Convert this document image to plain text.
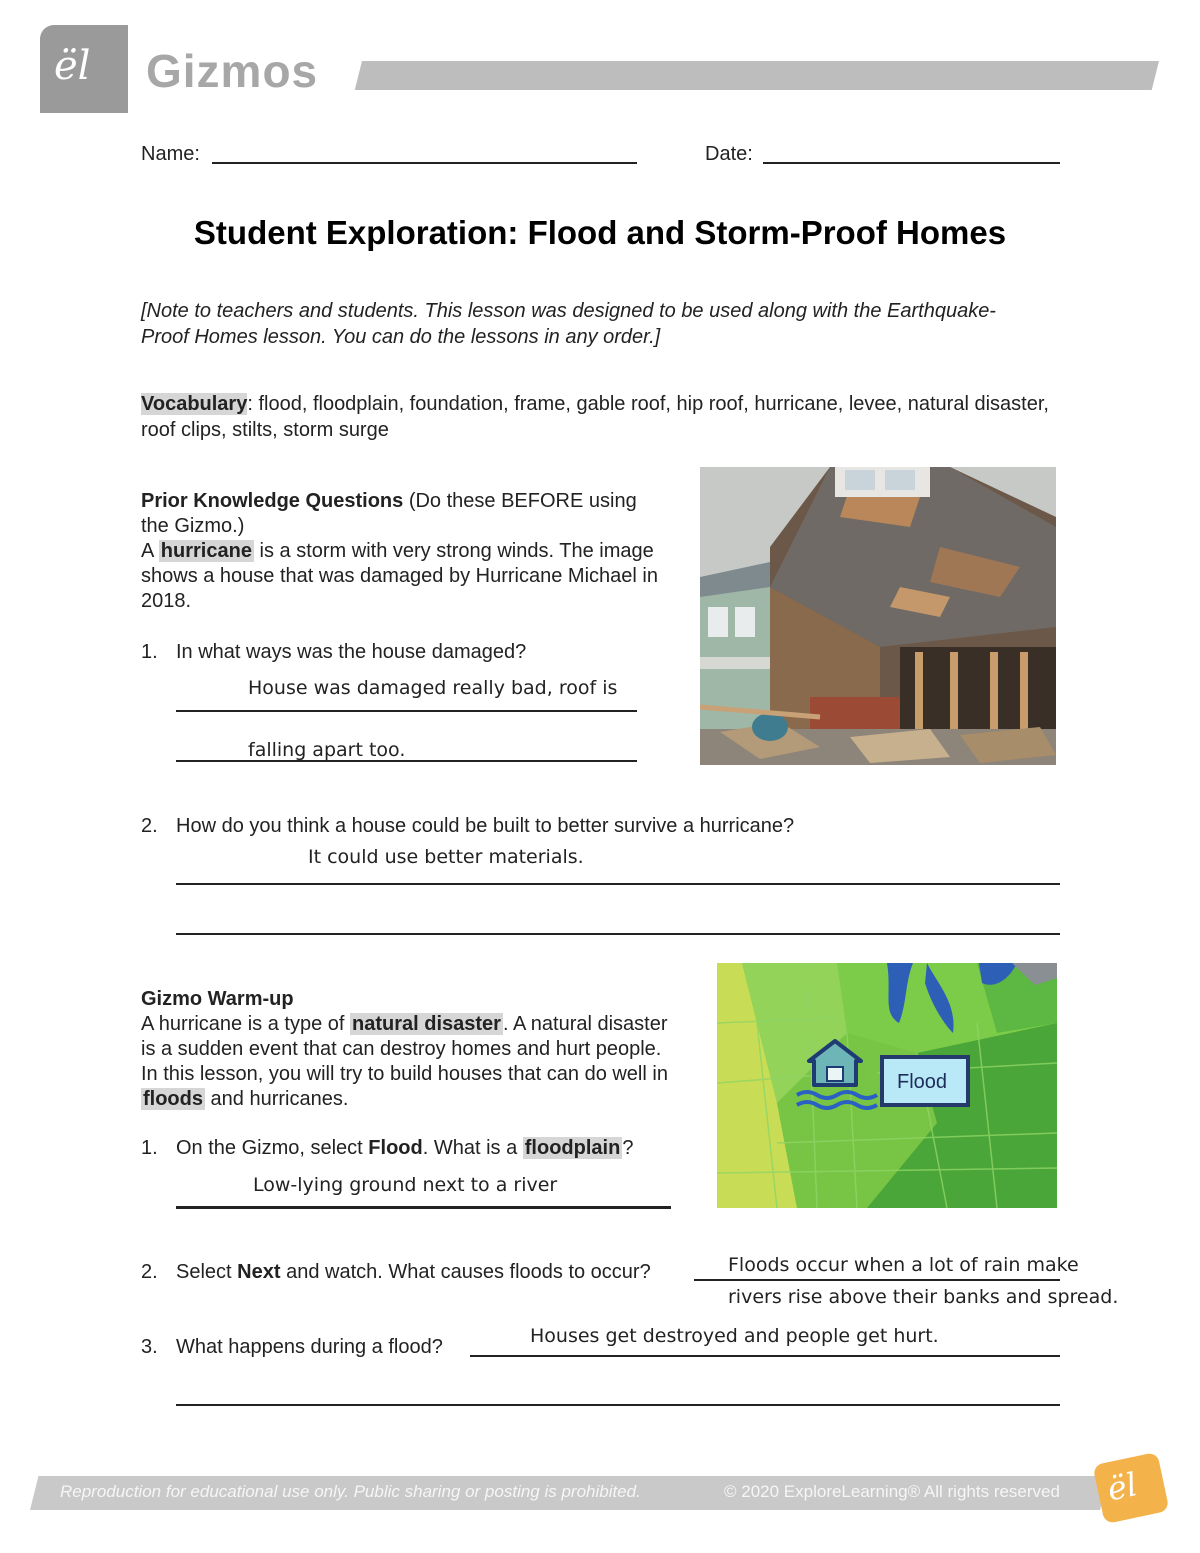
ël Gizmos
Name:	Date:
Student Exploration: Flood and Storm-Proof Homes
[Note to teachers and students. This lesson was designed to be used along with the Earthquake-Proof Homes lesson. You can do the lessons in any order.]
Vocabulary: flood, floodplain, foundation, frame, gable roof, hip roof, hurricane, levee, natural disaster, roof clips, stilts, storm surge
Prior Knowledge Questions (Do these BEFORE using the Gizmo.)
A hurricane is a storm with very strong winds. The image shows a house that was damaged by Hurricane Michael in 2018.
1. In what ways was the house damaged?
House was damaged really bad, roof is
falling apart too.
2. How do you think a house could be built to better survive a hurricane?
It could use better materials.
Gizmo Warm-up
A hurricane is a type of natural disaster . A natural disaster is a sudden event that can destroy homes and hurt people. In this lesson, you will try to build houses that can do well in floods and hurricanes.
Flood
1. On the Gizmo, select Flood. What is a floodplain ?
Low-lying ground next to a river
2. Select Next and watch. What causes floods to occur?	Floods occur when a lot of rain make
rivers rise above their banks and spread.
3. What happens during a flood?	Houses get destroyed and people get hurt.
Reproduction for educational use only. Public sharing or posting is prohibited.	© 2020 ExploreLearning® All rights reserved ël
